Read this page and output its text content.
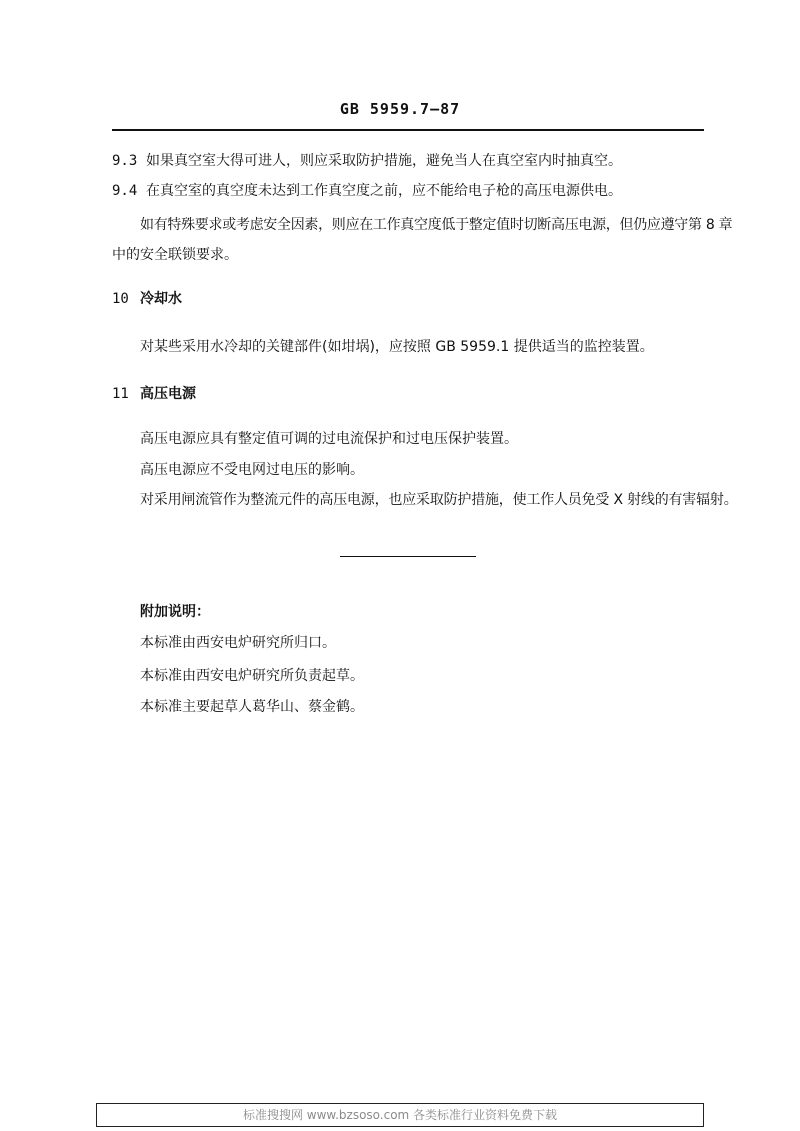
GB 5959.7—87
9.3 如果真空室大得可进人，则应采取防护措施，避免当人在真空室内时抽真空。
9.4 在真空室的真空度未达到工作真空度之前，应不能给电子枪的高压电源供电。
如有特殊要求或考虑安全因素，则应在工作真空度低于整定值时切断高压电源，但仍应遵守第 8 章
中的安全联锁要求。
10 冷却水
对某些采用水冷却的关键部件(如坩埚)，应按照 GB 5959.1 提供适当的监控装置。
11 高压电源
高压电源应具有整定值可调的过电流保护和过电压保护装置。
高压电源应不受电网过电压的影响。
对采用闸流管作为整流元件的高压电源，也应采取防护措施，使工作人员免受 X 射线的有害辐射。
附加说明：
本标准由西安电炉研究所归口。
本标准由西安电炉研究所负责起草。
本标准主要起草人葛华山、蔡金鹤。
标准搜搜网 www.bzsoso.com 各类标准行业资料免费下载
